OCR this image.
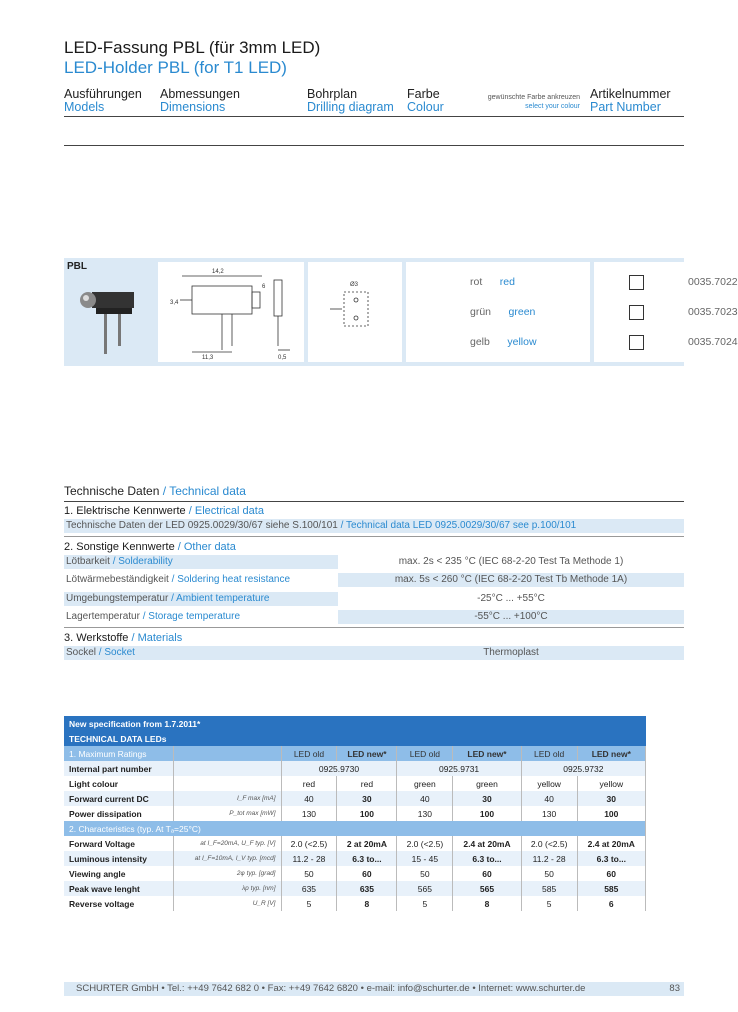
LED-Fassung PBL (für 3mm LED)
LED-Holder PBL (for T1 LED)
Ausführungen
Models
Abmessungen
Dimensions
Bohrplan
Drilling diagram
Farbe
Colour
gewünschte Farbe ankreuzen
select your colour
Artikelnummer
Part Number
PBL	14,2
11,3
3,4
6
0,5
Ø3	rot red	0035.7022
grün green	0035.7023
gelb yellow	0035.7024
Technische Daten / Technical data
1. Elektrische Kennwerte / Electrical data
Technische Daten der LED 0925.0029/30/67 siehe S.100/101 / Technical data LED 0925.0029/30/67 see p.100/101
2. Sonstige Kennwerte / Other data
Lötbarkeit / Solderability	max. 2s < 235 °C (IEC 68-2-20 Test Ta Methode 1)
Lötwärmebeständigkeit / Soldering heat resistance	max. 5s < 260 °C (IEC 68-2-20 Test Tb Methode 1A)
Umgebungstemperatur / Ambient temperature	-25°C ... +55°C
Lagertemperatur / Storage temperature	-55°C ... +100°C
3. Werkstoffe / Materials
Sockel / Socket	Thermoplast
New specification from 1.7.2011*							
TECHNICAL DATA LEDs							
1. Maximum Ratings		LED old	LED new*	LED old	LED new*	LED old	LED new*
Internal part number		0925.9730		0925.9731		0925.9732	
Light colour		red	red	green	green	yellow	yellow
Forward current DC	I_F max [mA]	40	30	40	30	40	30
Power dissipation	P_tot max [mW]	130	100	130	100	130	100
2. Characteristics (typ. At Tₐ=25°C)							
Forward Voltage	at I_F=20mA, U_F typ. [V]	2.0 (<2.5)	2 at 20mA	2.0 (<2.5)	2.4 at 20mA	2.0 (<2.5)	2.4 at 20mA
Luminous intensity	at I_F=10mA, I_V typ. [mcd]	11.2 - 28	6.3 to...	15 - 45	6.3 to...	11.2 - 28	6.3 to...
Viewing angle	2φ typ. [grad]	50	60	50	60	50	60
Peak wave lenght	λp typ. [nm]	635	635	565	565	585	585
Reverse voltage	U_R [V]	5	8	5	8	5	6
SCHURTER GmbH • Tel.: ++49 7642 682 0 • Fax: ++49 7642 6820 • e-mail: info@schurter.de • Internet: www.schurter.de	83
